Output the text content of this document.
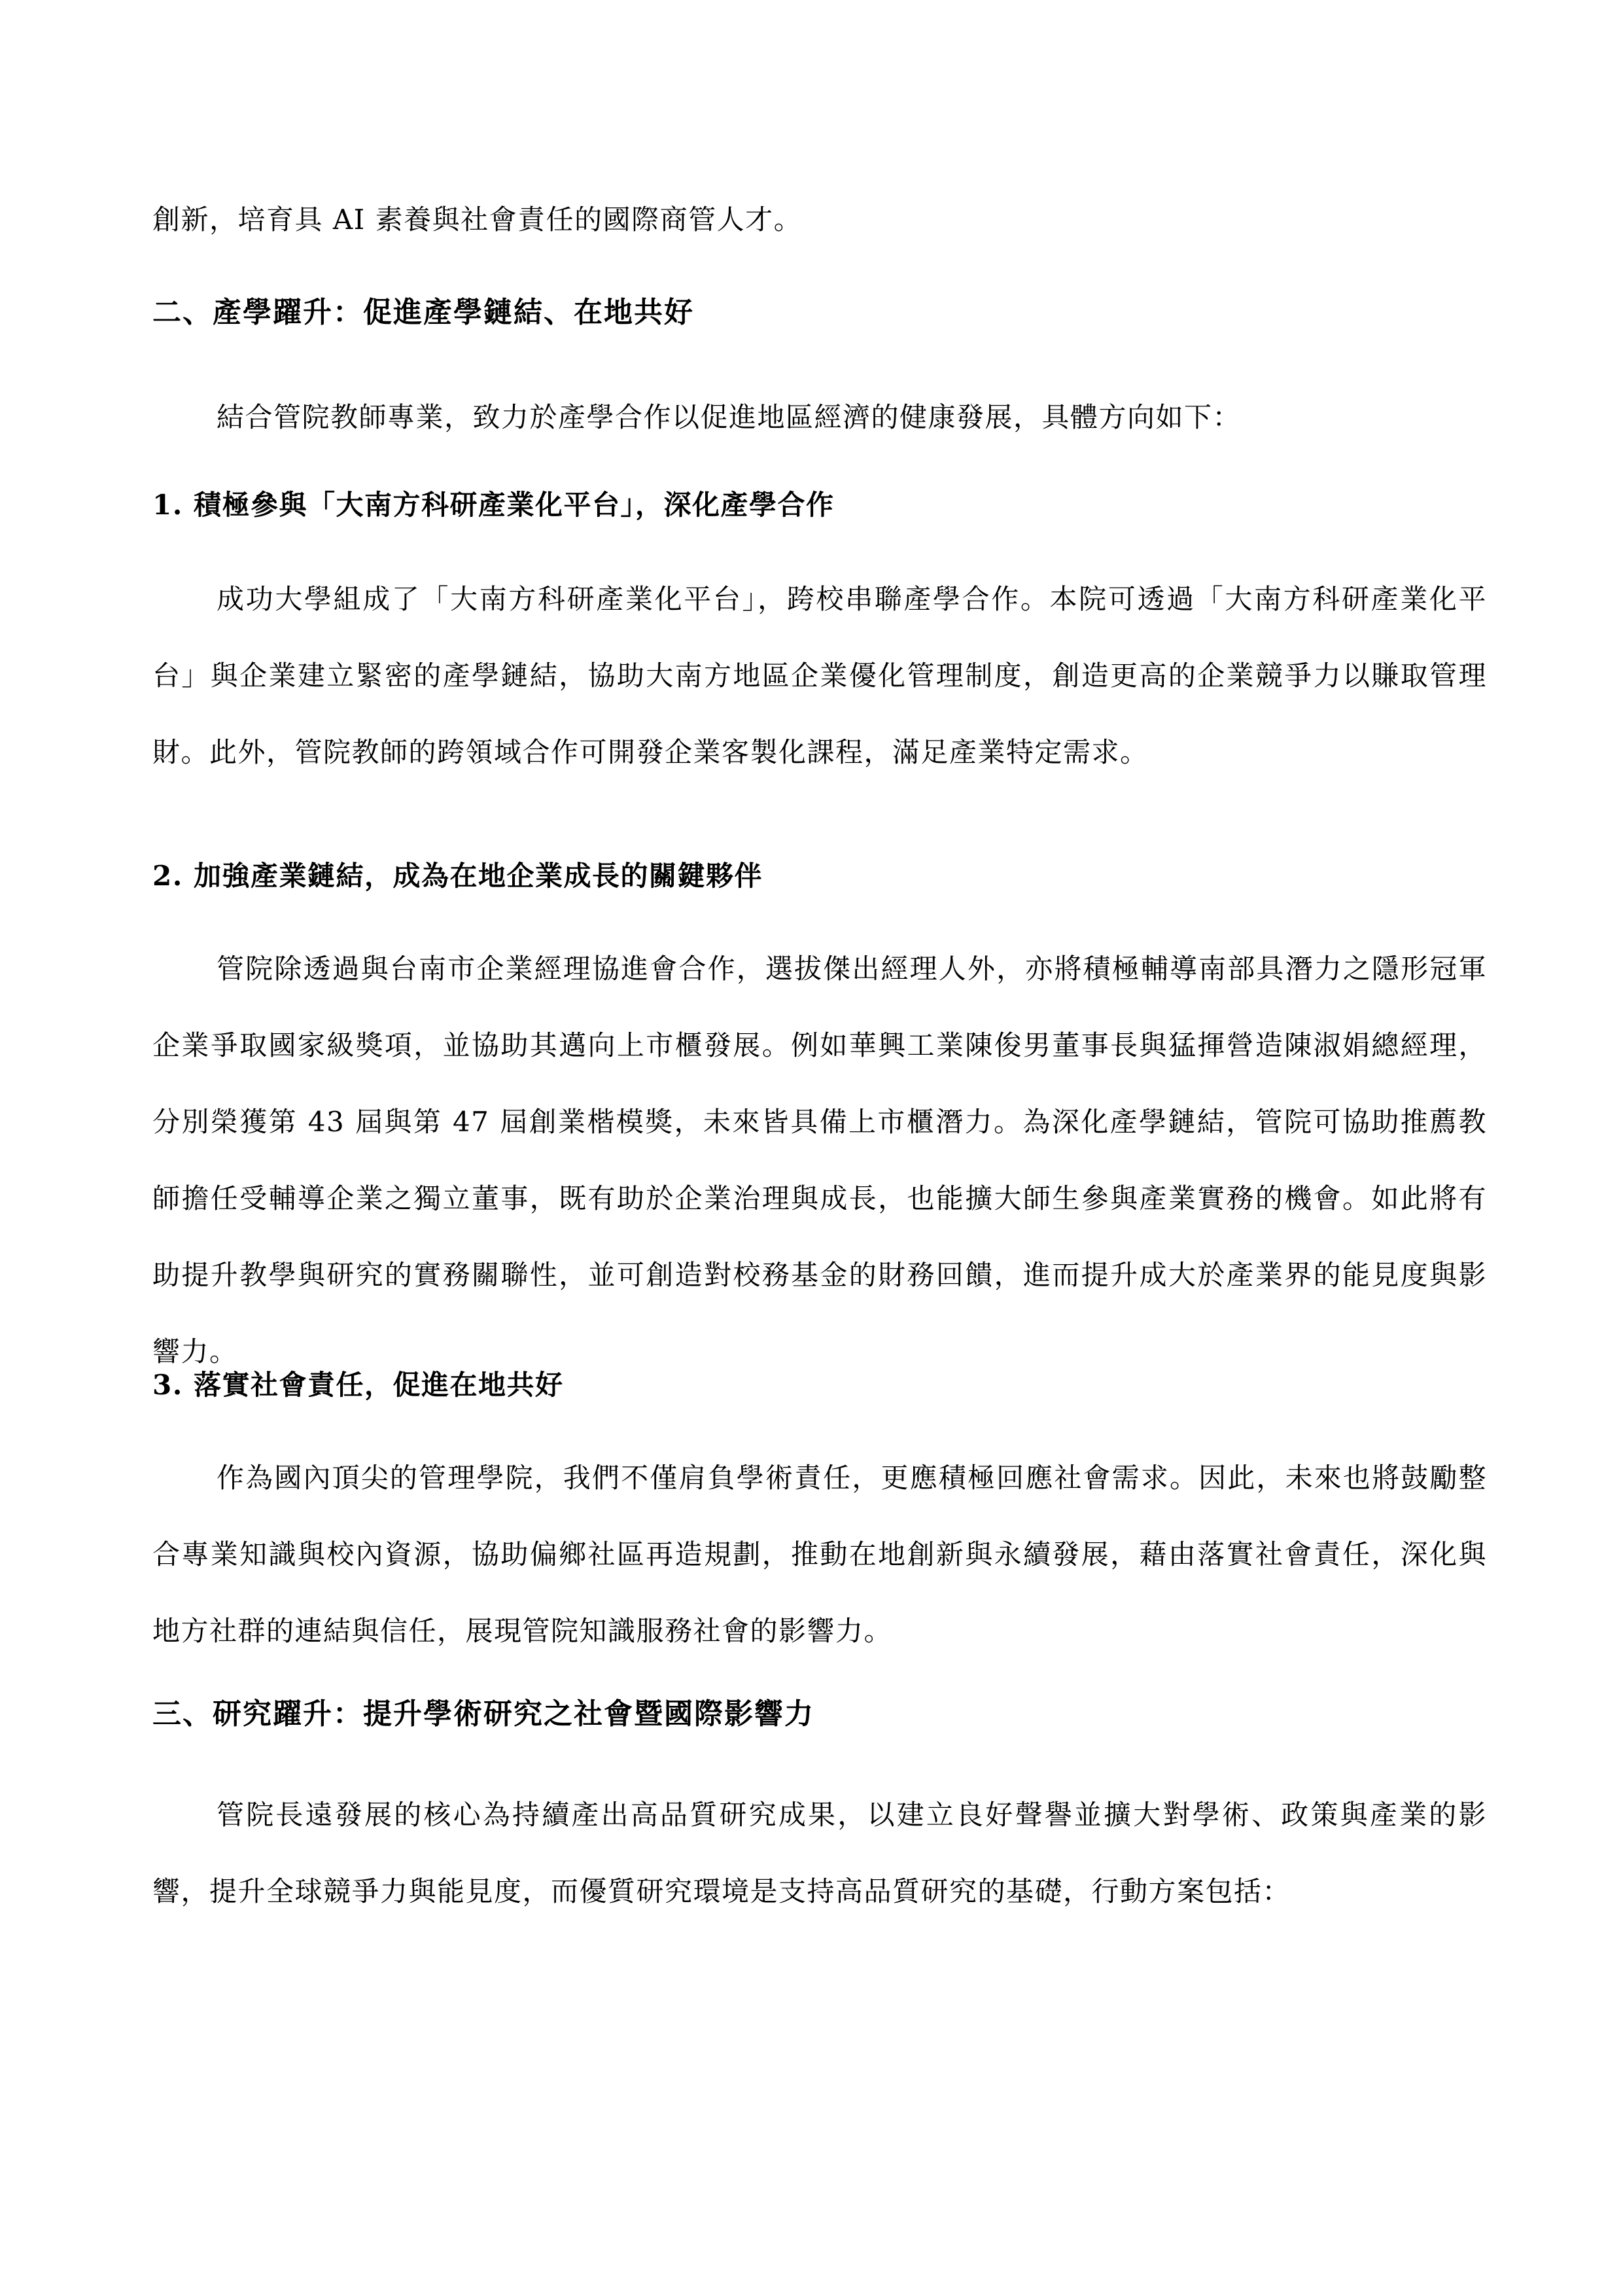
創新，培育具 AI 素養與社會責任的國際商管人才。
二、產學躍升：促進產學鏈結、在地共好
結合管院教師專業，致力於產學合作以促進地區經濟的健康發展，具體方向如下：
1. 積極參與「大南方科研產業化平台」，深化產學合作
成功大學組成了「大南方科研產業化平台」，跨校串聯產學合作。本院可透過「大南方科研產業化平台」與企業建立緊密的產學鏈結，協助大南方地區企業優化管理制度，創造更高的企業競爭力以賺取管理財。此外，管院教師的跨領域合作可開發企業客製化課程，滿足產業特定需求。
2. 加強產業鏈結，成為在地企業成長的關鍵夥伴
管院除透過與台南市企業經理協進會合作，選拔傑出經理人外，亦將積極輔導南部具潛力之隱形冠軍企業爭取國家級獎項，並協助其邁向上市櫃發展。例如華興工業陳俊男董事長與猛揮營造陳淑娟總經理，分別榮獲第 43 屆與第 47 屆創業楷模獎，未來皆具備上市櫃潛力。為深化產學鏈結，管院可協助推薦教師擔任受輔導企業之獨立董事，既有助於企業治理與成長，也能擴大師生參與產業實務的機會。如此將有助提升教學與研究的實務關聯性，並可創造對校務基金的財務回饋，進而提升成大於產業界的能見度與影響力。
3. 落實社會責任，促進在地共好
作為國內頂尖的管理學院，我們不僅肩負學術責任，更應積極回應社會需求。因此，未來也將鼓勵整合專業知識與校內資源，協助偏鄉社區再造規劃，推動在地創新與永續發展，藉由落實社會責任，深化與地方社群的連結與信任，展現管院知識服務社會的影響力。
三、研究躍升：提升學術研究之社會暨國際影響力
管院長遠發展的核心為持續產出高品質研究成果，以建立良好聲譽並擴大對學術、政策與產業的影響，提升全球競爭力與能見度，而優質研究環境是支持高品質研究的基礎，行動方案包括：
